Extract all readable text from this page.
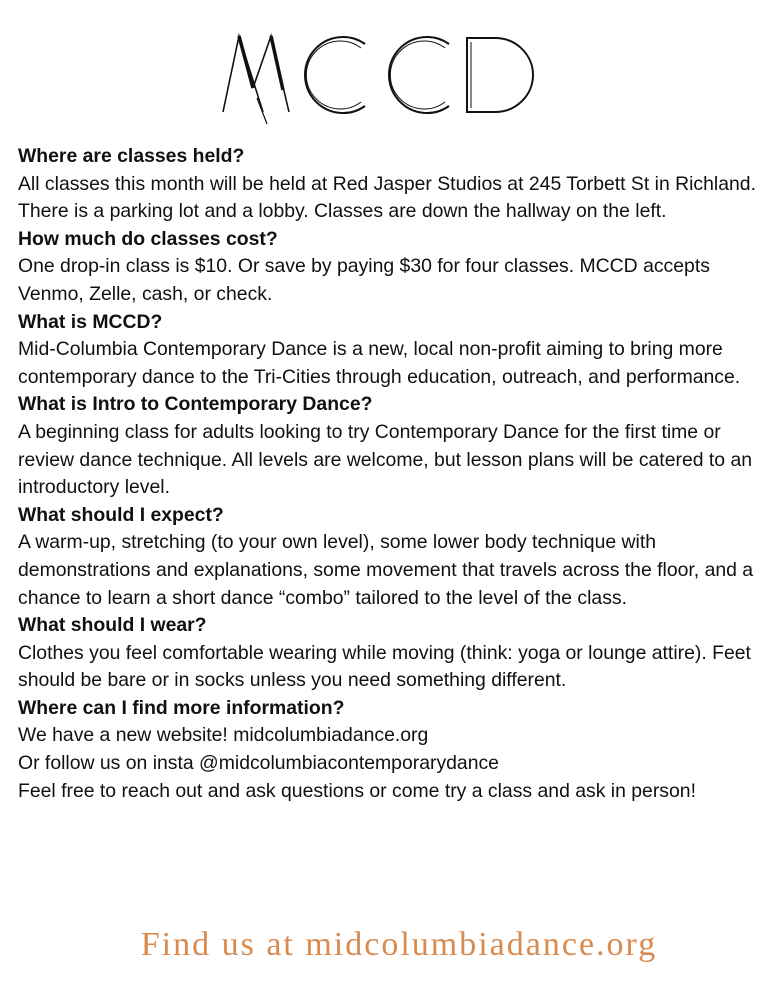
MCCD
Where are classes held?
All classes this month will be held at Red Jasper Studios at 245 Torbett St in Richland. There is a parking lot and a lobby. Classes are down the hallway on the left.
How much do classes cost?
One drop-in class is $10. Or save by paying $30 for four classes. MCCD accepts Venmo, Zelle, cash, or check.
What is MCCD?
Mid-Columbia Contemporary Dance is a new, local non-profit aiming to bring more contemporary dance to the Tri-Cities through education, outreach, and performance.
What is Intro to Contemporary Dance?
A beginning class for adults looking to try Contemporary Dance for the first time or review dance technique. All levels are welcome, but lesson plans will be catered to an introductory level.
What should I expect?
A warm-up, stretching (to your own level), some lower body technique with demonstrations and explanations, some movement that travels across the floor, and a chance to learn a short dance “combo” tailored to the level of the class.
What should I wear?
Clothes you feel comfortable wearing while moving (think: yoga or lounge attire). Feet should be bare or in socks unless you need something different.
Where can I find more information?
We have a new website! midcolumbiadance.org
Or follow us on insta @midcolumbiacontemporarydance
Feel free to reach out and ask questions or come try a class and ask in person!
Find us at midcolumbiadance.org
